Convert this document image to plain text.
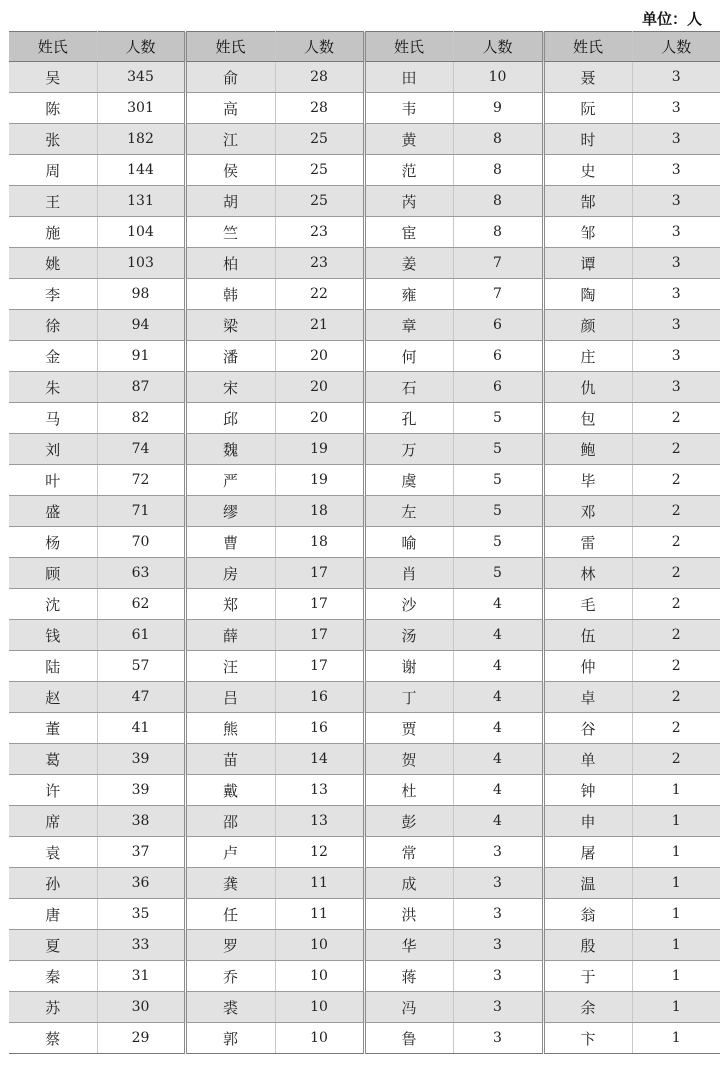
单位：人
姓氏	人数	姓氏	人数	姓氏	人数	姓氏	人数
吴	345	俞	28	田	10	聂	3
陈	301	高	28	韦	9	阮	3
张	182	江	25	黄	8	时	3
周	144	侯	25	范	8	史	3
王	131	胡	25	芮	8	郜	3
施	104	竺	23	宦	8	邹	3
姚	103	柏	23	姜	7	谭	3
李	98	韩	22	雍	7	陶	3
徐	94	梁	21	章	6	颜	3
金	91	潘	20	何	6	庄	3
朱	87	宋	20	石	6	仇	3
马	82	邱	20	孔	5	包	2
刘	74	魏	19	万	5	鲍	2
叶	72	严	19	虞	5	毕	2
盛	71	缪	18	左	5	邓	2
杨	70	曹	18	喻	5	雷	2
顾	63	房	17	肖	5	林	2
沈	62	郑	17	沙	4	毛	2
钱	61	薛	17	汤	4	伍	2
陆	57	汪	17	谢	4	仲	2
赵	47	吕	16	丁	4	卓	2
董	41	熊	16	贾	4	谷	2
葛	39	苗	14	贺	4	单	2
许	39	戴	13	杜	4	钟	1
席	38	邵	13	彭	4	申	1
袁	37	卢	12	常	3	屠	1
孙	36	龚	11	成	3	温	1
唐	35	任	11	洪	3	翁	1
夏	33	罗	10	华	3	殷	1
秦	31	乔	10	蒋	3	于	1
苏	30	裘	10	冯	3	余	1
蔡	29	郭	10	鲁	3	卞	1
